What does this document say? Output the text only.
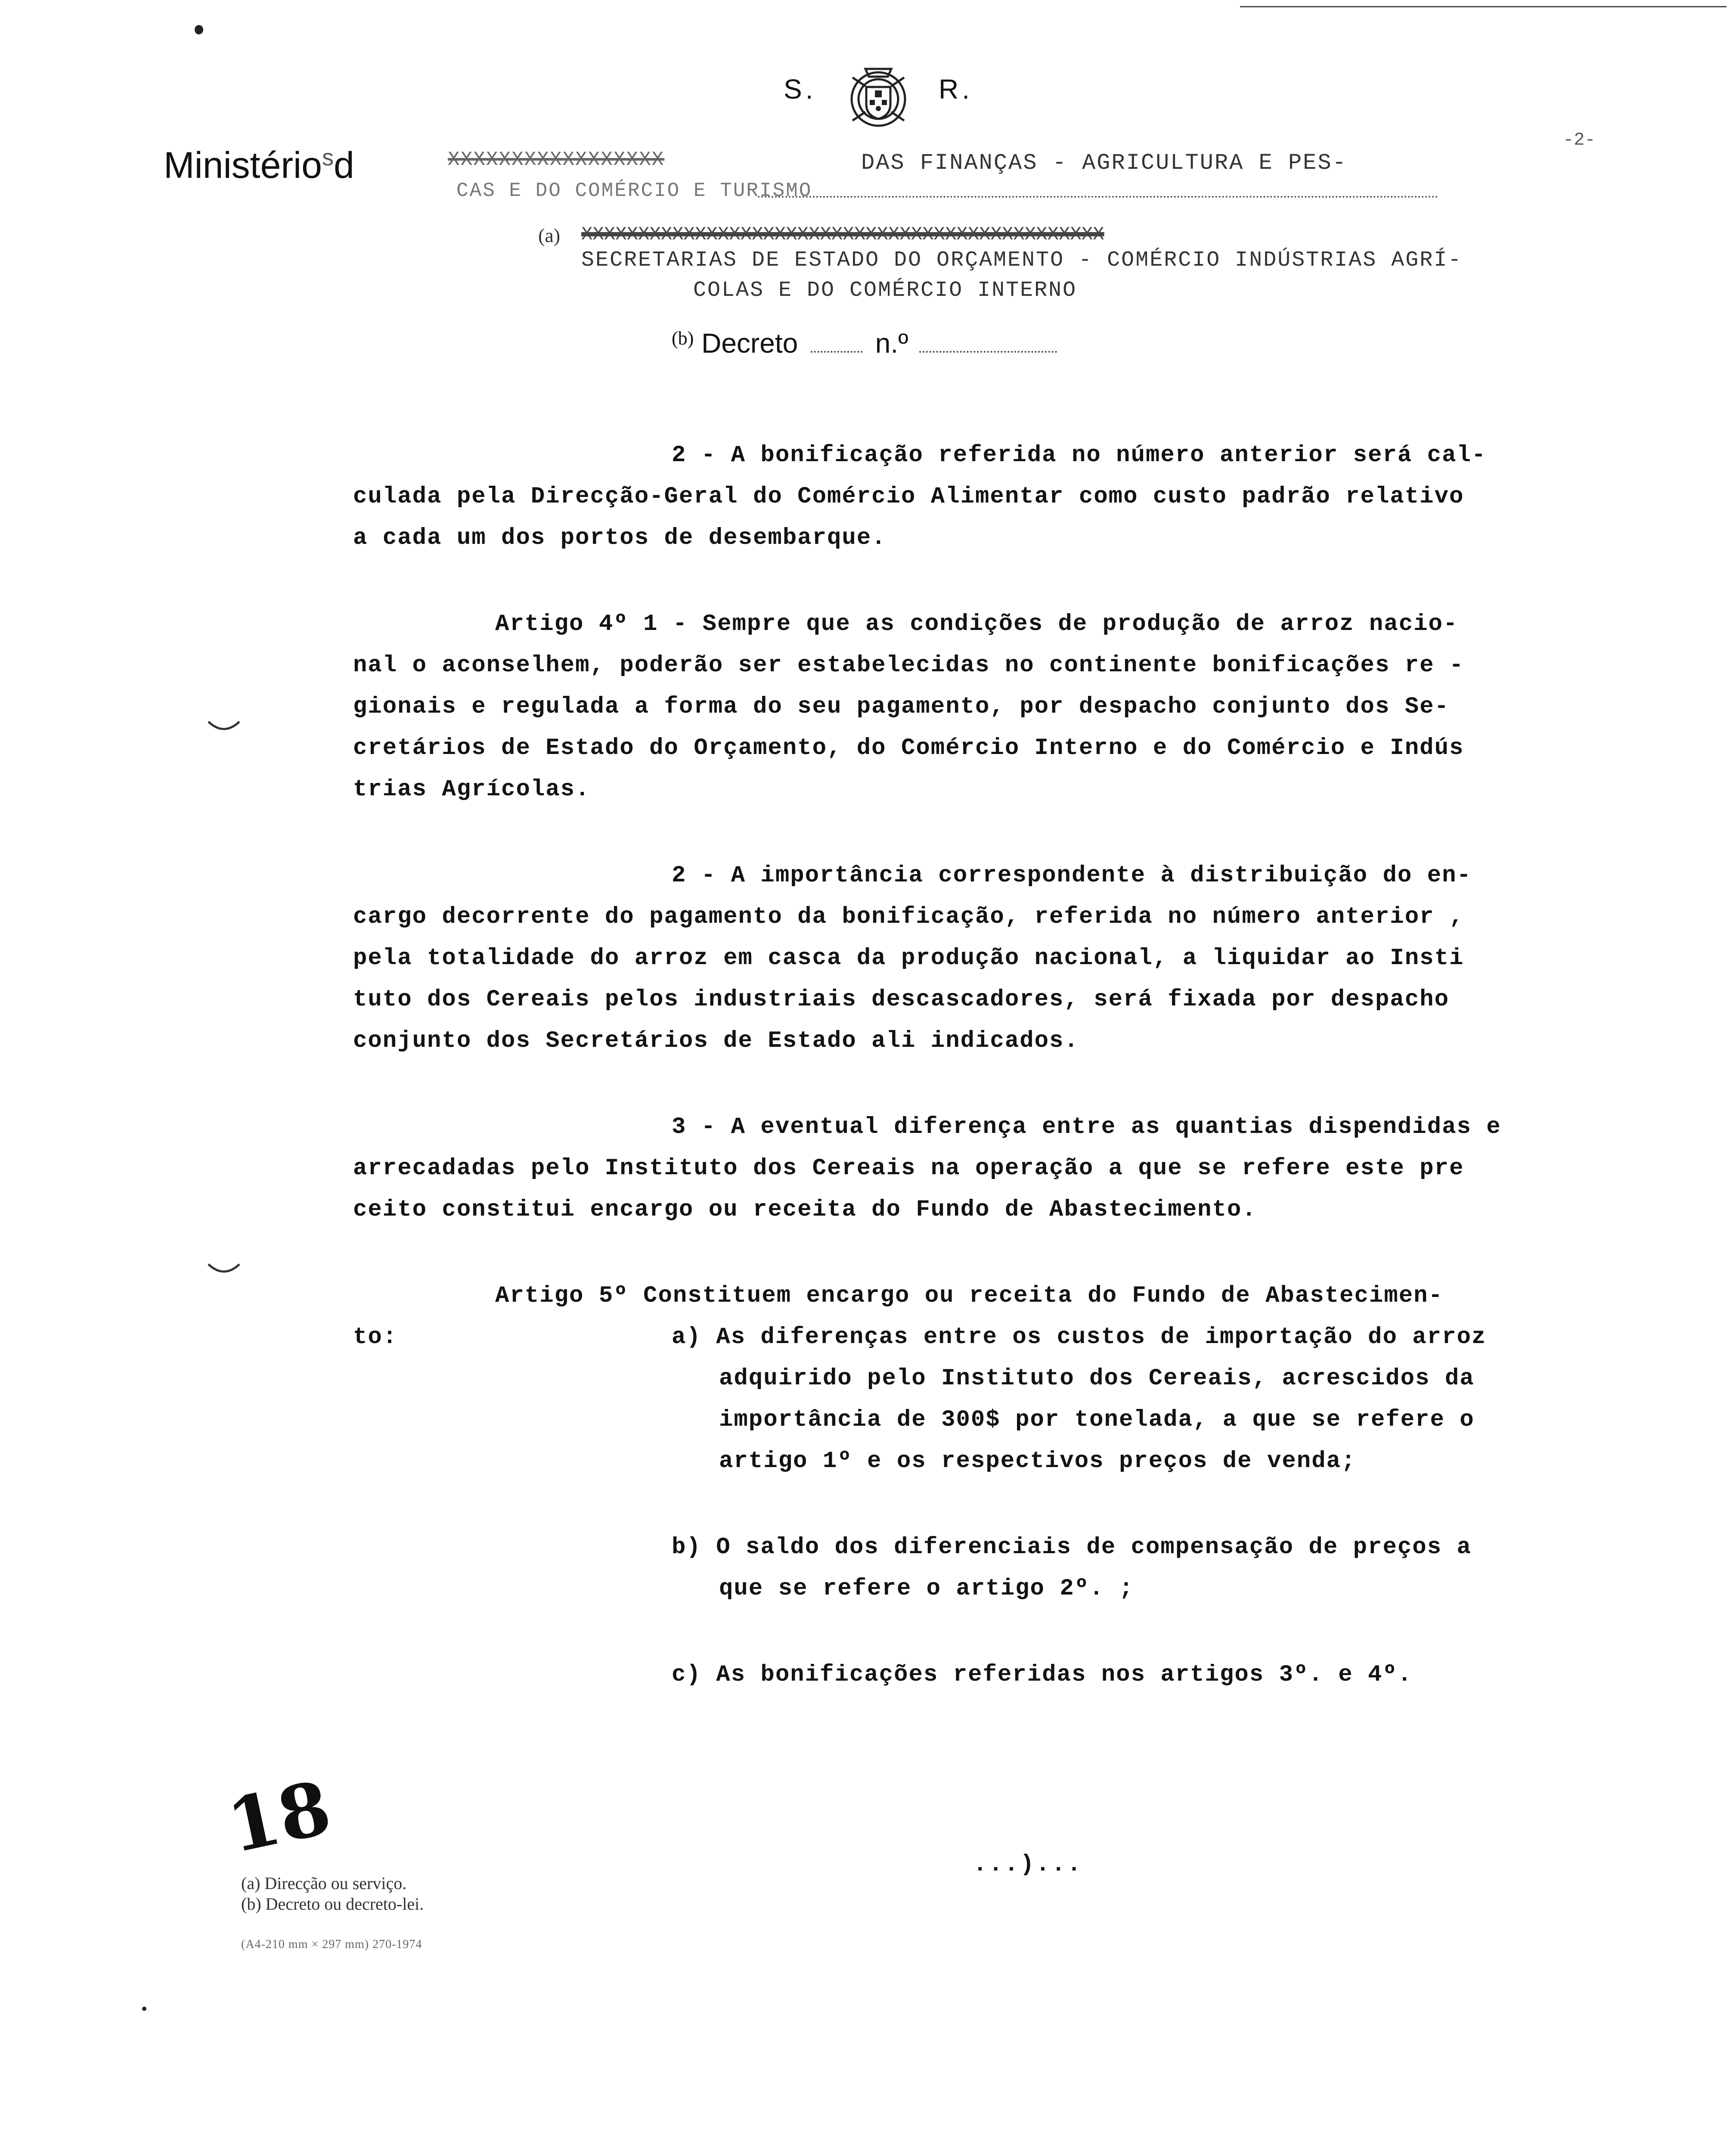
S.	R.
Ministério$^s$d	XXXXXXXXXXXXXXXXX	DAS FINANÇAS - AGRICULTURA E PES-
CAS E DO COMÉRCIO E TURISMO
-2-
(a) XXXXXXXXXXXXXXXXXXXXXXXXXXXXXXXXXXXXXXXXXXXXXX
SECRETARIAS DE ESTADO DO ORÇAMENTO - COMÉRCIO INDÚSTRIAS AGRÍ-
COLAS E DO COMÉRCIO INTERNO
$^{(b)}$ Decreto	n.º
2 - A bonificação referida no número anterior será cal-
culada pela Direcção-Geral do Comércio Alimentar como custo padrão relativo
a cada um dos portos de desembarque.
Artigo 4º 1 - Sempre que as condições de produção de arroz nacio-
nal o aconselhem, poderão ser estabelecidas no continente bonificações re -
gionais e regulada a forma do seu pagamento, por despacho conjunto dos Se-
cretários de Estado do Orçamento, do Comércio Interno e do Comércio e Indús
trias Agrícolas.
2 - A importância correspondente à distribuição do en-
cargo decorrente do pagamento da bonificação, referida no número anterior ,
pela totalidade do arroz em casca da produção nacional, a liquidar ao Insti
tuto dos Cereais pelos industriais descascadores, será fixada por despacho
conjunto dos Secretários de Estado ali indicados.
3 - A eventual diferença entre as quantias dispendidas e
arrecadadas pelo Instituto dos Cereais na operação a que se refere este pre
ceito constitui encargo ou receita do Fundo de Abastecimento.
Artigo 5º Constituem encargo ou receita do Fundo de Abastecimen-
to:	a) As diferenças entre os custos de importação do arroz
adquirido pelo Instituto dos Cereais, acrescidos da
importância de 300$ por tonelada, a que se refere o
artigo 1º e os respectivos preços de venda;
b) O saldo dos diferenciais de compensação de preços a
que se refere o artigo 2º. ;
c) As bonificações referidas nos artigos 3º. e 4º.
...)...
18
(a) Direcção ou serviço.
(b) Decreto ou decreto-lei.
(A4-210 mm × 297 mm) 270-1974
